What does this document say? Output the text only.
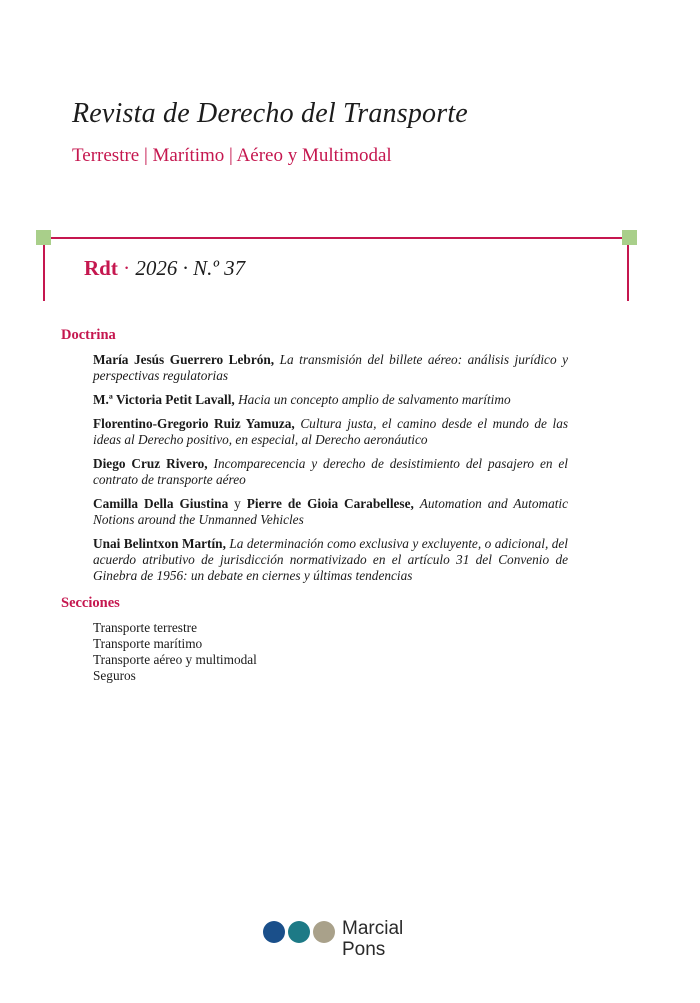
Revista de Derecho del Transporte
Terrestre | Marítimo | Aéreo y Multimodal
Rdt · 2026 · N.º 37
Doctrina

María Jesús Guerrero Lebrón, La transmisión del billete aéreo: análisis jurídico y perspectivas regulatorias

M.ª Victoria Petit Lavall, Hacia un concepto amplio de salvamento marítimo

Florentino-Gregorio Ruiz Yamuza, Cultura justa, el camino desde el mundo de las ideas al Derecho positivo, en especial, al Derecho aeronáutico

Diego Cruz Rivero, Incomparecencia y derecho de desistimiento del pasajero en el contrato de transporte aéreo

Camilla Della Giustina y Pierre de Gioia Carabellese, Automation and Automatic Notions around the Unmanned Vehicles

Unai Belintxon Martín, La determinación como exclusiva y excluyente, o adicional, del acuerdo atributivo de jurisdicción normativizado en el artículo 31 del Convenio de Ginebra de 1956: un debate en ciernes y últimas tendencias

Secciones
Transporte terrestre
Transporte marítimo
Transporte aéreo y multimodal
Seguros
Marcial
Pons
